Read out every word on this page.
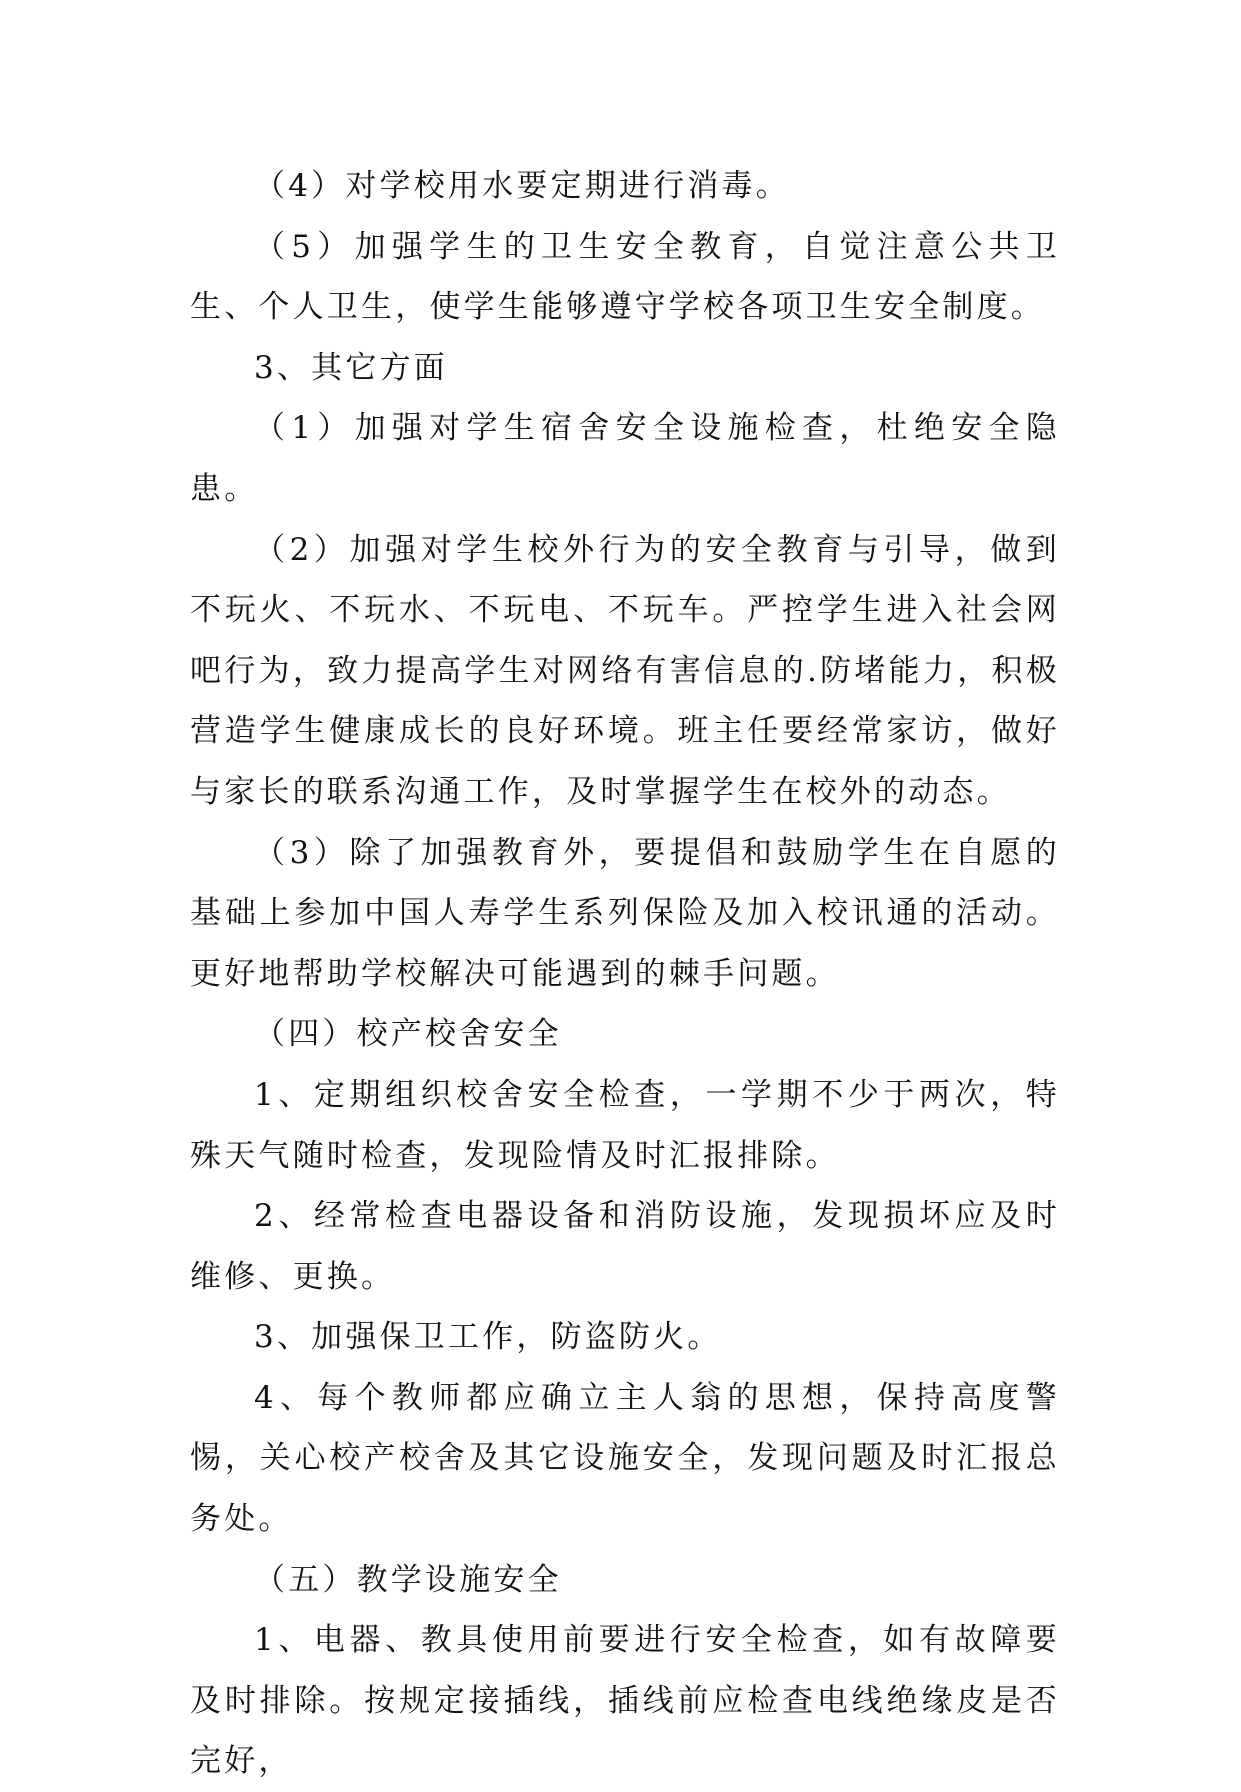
（4）对学校用水要定期进行消毒。

（5）加强学生的卫生安全教育，自觉注意公共卫生、个人卫生，使学生能够遵守学校各项卫生安全制度。

3、其它方面

（1）加强对学生宿舍安全设施检查，杜绝安全隐患。

（2）加强对学生校外行为的安全教育与引导，做到不玩火、不玩水、不玩电、不玩车。严控学生进入社会网吧行为，致力提高学生对网络有害信息的.防堵能力，积极营造学生健康成长的良好环境。班主任要经常家访，做好与家长的联系沟通工作，及时掌握学生在校外的动态。

（3）除了加强教育外，要提倡和鼓励学生在自愿的基础上参加中国人寿学生系列保险及加入校讯通的活动。更好地帮助学校解决可能遇到的棘手问题。

（四）校产校舍安全

1、定期组织校舍安全检查，一学期不少于两次，特殊天气随时检查，发现险情及时汇报排除。

2、经常检查电器设备和消防设施，发现损坏应及时维修、更换。

3、加强保卫工作，防盗防火。

4、每个教师都应确立主人翁的思想，保持高度警惕，关心校产校舍及其它设施安全，发现问题及时汇报总务处。

（五）教学设施安全

1、电器、教具使用前要进行安全检查，如有故障要及时排除。按规定接插线，插线前应检查电线绝缘皮是否完好，
